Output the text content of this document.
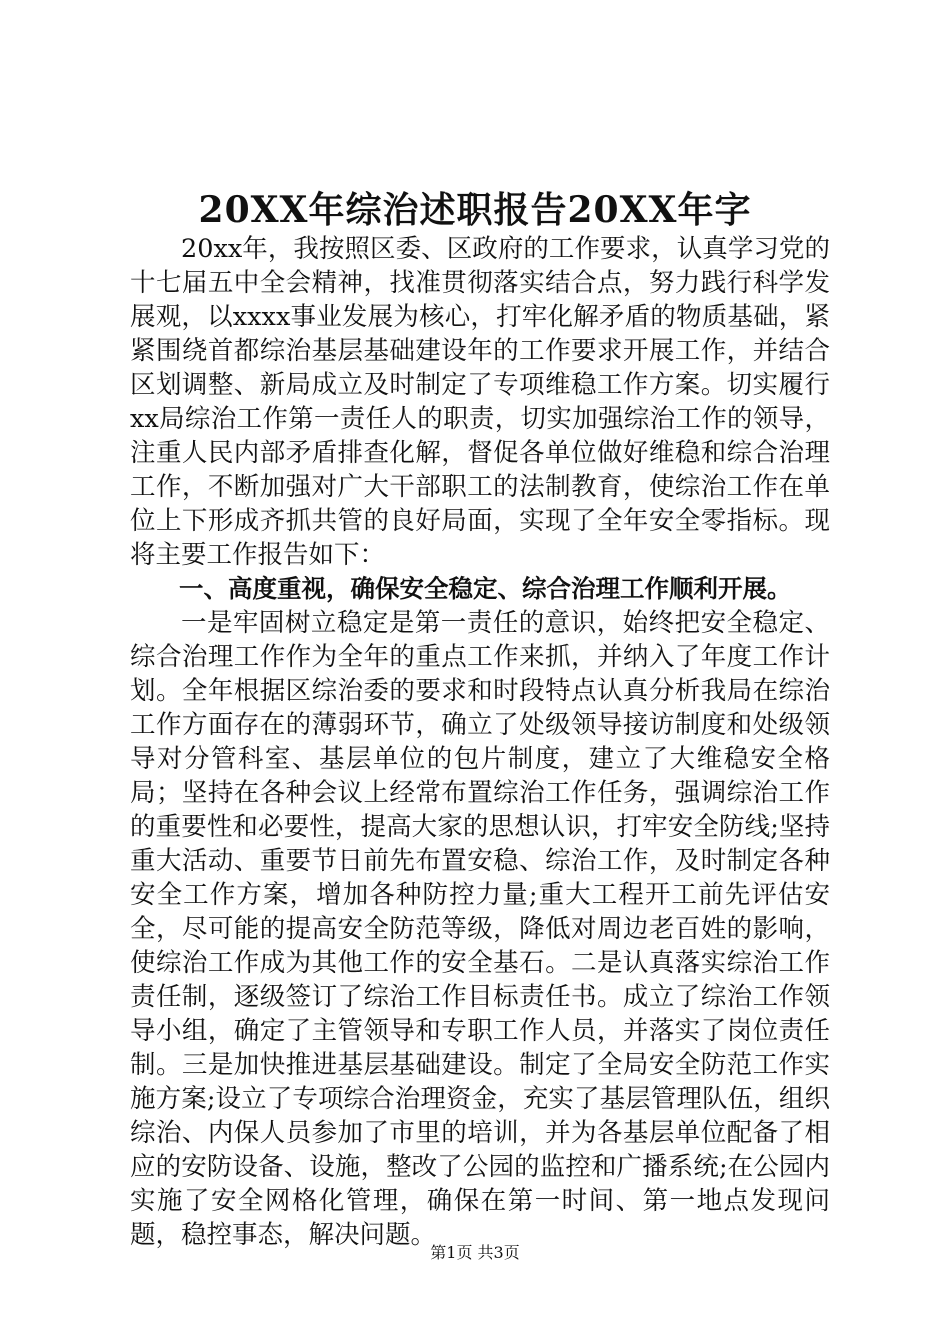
20XX年综治述职报告20XX年字

20xx年，我按照区委、区政府的工作要求，认真学习党的十七届五中全会精神，找准贯彻落实结合点，努力践行科学发展观，以xxxx事业发展为核心，打牢化解矛盾的物质基础，紧紧围绕首都综治基层基础建设年的工作要求开展工作，并结合区划调整、新局成立及时制定了专项维稳工作方案。切实履行xx局综治工作第一责任人的职责，切实加强综治工作的领导，注重人民内部矛盾排查化解，督促各单位做好维稳和综合治理工作，不断加强对广大干部职工的法制教育，使综治工作在单位上下形成齐抓共管的良好局面，实现了全年安全零指标。现将主要工作报告如下：

一、高度重视，确保安全稳定、综合治理工作顺利开展。

一是牢固树立稳定是第一责任的意识，始终把安全稳定、综合治理工作作为全年的重点工作来抓，并纳入了年度工作计划。全年根据区综治委的要求和时段特点认真分析我局在综治工作方面存在的薄弱环节，确立了处级领导接访制度和处级领导对分管科室、基层单位的包片制度，建立了大维稳安全格局；坚持在各种会议上经常布置综治工作任务，强调综治工作的重要性和必要性，提高大家的思想认识，打牢安全防线;坚持重大活动、重要节日前先布置安稳、综治工作，及时制定各种安全工作方案，增加各种防控力量;重大工程开工前先评估安全，尽可能的提高安全防范等级，降低对周边老百姓的影响，使综治工作成为其他工作的安全基石。二是认真落实综治工作责任制，逐级签订了综治工作目标责任书。成立了综治工作领导小组，确定了主管领导和专职工作人员，并落实了岗位责任制。三是加快推进基层基础建设。制定了全局安全防范工作实施方案;设立了专项综合治理资金，充实了基层管理队伍，组织综治、内保人员参加了市里的培训，并为各基层单位配备了相应的安防设备、设施，整改了公园的监控和广播系统;在公园内实施了安全网格化管理，确保在第一时间、第一地点发现问题，稳控事态，解决问题。

第1页 共3页
